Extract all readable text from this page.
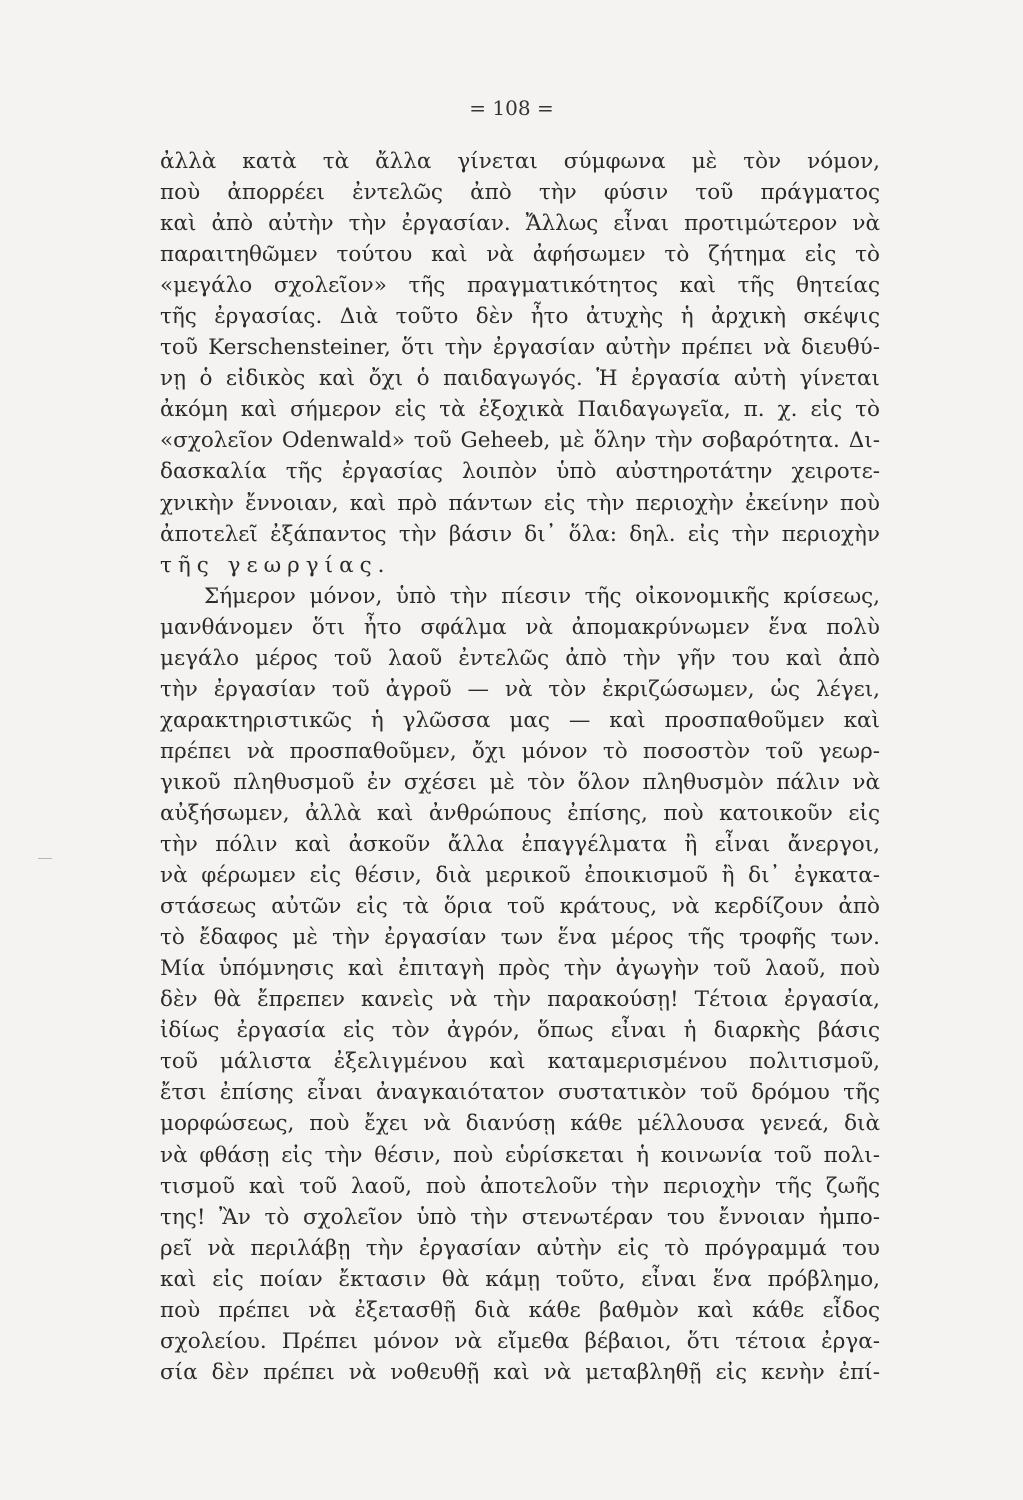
= 108 =
ἀλλὰ κατὰ τὰ ἄλλα γίνεται σύμφωνα μὲ τὸν νόμον,
ποὺ ἀπορρέει ἐντελῶς ἀπὸ τὴν φύσιν τοῦ πράγματος
καὶ ἀπὸ αὐτὴν τὴν ἐργασίαν. Ἄλλως εἶναι προτιμώτερον νὰ
παραιτηθῶμεν τούτου καὶ νὰ ἀφήσωμεν τὸ ζήτημα εἰς τὸ
«μεγάλο σχολεῖον» τῆς πραγματικότητος καὶ τῆς θητείας
τῆς ἐργασίας. Διὰ τοῦτο δὲν ἦτο ἀτυχὴς ἡ ἀρχικὴ σκέψις
τοῦ Kerschensteiner, ὅτι τὴν ἐργασίαν αὐτὴν πρέπει νὰ διευθύ-
νῃ ὁ εἰδικὸς καὶ ὄχι ὁ παιδαγωγός. Ἡ ἐργασία αὐτὴ γίνεται
ἀκόμη καὶ σήμερον εἰς τὰ ἐξοχικὰ Παιδαγωγεῖα, π. χ. εἰς τὸ
«σχολεῖον Odenwald» τοῦ Geheeb, μὲ ὅλην τὴν σοβαρότητα. Δι-
δασκαλία τῆς ἐργασίας λοιπὸν ὑπὸ αὐστηροτάτην χειροτε-
χνικὴν ἔννοιαν, καὶ πρὸ πάντων εἰς τὴν περιοχὴν ἐκείνην ποὺ
ἀποτελεῖ ἐξάπαντος τὴν βάσιν δι᾽ ὅλα: δηλ. εἰς τὴν περιοχὴν
τῆς γεωργίας.
Σήμερον μόνον, ὑπὸ τὴν πίεσιν τῆς οἰκονομικῆς κρίσεως,
μανθάνομεν ὅτι ἦτο σφάλμα νὰ ἀπομακρύνωμεν ἕνα πολὺ
μεγάλο μέρος τοῦ λαοῦ ἐντελῶς ἀπὸ τὴν γῆν του καὶ ἀπὸ
τὴν ἐργασίαν τοῦ ἀγροῦ — νὰ τὸν ἐκριζώσωμεν, ὡς λέγει,
χαρακτηριστικῶς ἡ γλῶσσα μας — καὶ προσπαθοῦμεν καὶ
πρέπει νὰ προσπαθοῦμεν, ὄχι μόνον τὸ ποσοστὸν τοῦ γεωρ-
γικοῦ πληθυσμοῦ ἐν σχέσει μὲ τὸν ὅλον πληθυσμὸν πάλιν νὰ
αὐξήσωμεν, ἀλλὰ καὶ ἀνθρώπους ἐπίσης, ποὺ κατοικοῦν εἰς
τὴν πόλιν καὶ ἀσκοῦν ἄλλα ἐπαγγέλματα ἢ εἶναι ἄνεργοι,
νὰ φέρωμεν εἰς θέσιν, διὰ μερικοῦ ἐποικισμοῦ ἢ δι᾽ ἐγκατα-
στάσεως αὐτῶν εἰς τὰ ὅρια τοῦ κράτους, νὰ κερδίζουν ἀπὸ
τὸ ἔδαφος μὲ τὴν ἐργασίαν των ἕνα μέρος τῆς τροφῆς των.
Μία ὑπόμνησις καὶ ἐπιταγὴ πρὸς τὴν ἀγωγὴν τοῦ λαοῦ, ποὺ
δὲν θὰ ἔπρεπεν κανεὶς νὰ τὴν παρακούσῃ! Τέτοια ἐργασία,
ἰδίως ἐργασία εἰς τὸν ἀγρόν, ὅπως εἶναι ἡ διαρκὴς βάσις
τοῦ μάλιστα ἐξελιγμένου καὶ καταμερισμένου πολιτισμοῦ,
ἔτσι ἐπίσης εἶναι ἀναγκαιότατον συστατικὸν τοῦ δρόμου τῆς
μορφώσεως, ποὺ ἔχει νὰ διανύσῃ κάθε μέλλουσα γενεά, διὰ
νὰ φθάσῃ εἰς τὴν θέσιν, ποὺ εὑρίσκεται ἡ κοινωνία τοῦ πολι-
τισμοῦ καὶ τοῦ λαοῦ, ποὺ ἀποτελοῦν τὴν περιοχὴν τῆς ζωῆς
της! Ἂν τὸ σχολεῖον ὑπὸ τὴν στενωτέραν του ἔννοιαν ἠμπο-
ρεῖ νὰ περιλάβῃ τὴν ἐργασίαν αὐτὴν εἰς τὸ πρόγραμμά του
καὶ εἰς ποίαν ἔκτασιν θὰ κάμῃ τοῦτο, εἶναι ἕνα πρόβλημο,
ποὺ πρέπει νὰ ἐξετασθῇ διὰ κάθε βαθμὸν καὶ κάθε εἶδος
σχολείου. Πρέπει μόνον νὰ εἴμεθα βέβαιοι, ὅτι τέτοια ἐργα-
σία δὲν πρέπει νὰ νοθευθῇ καὶ νὰ μεταβληθῇ εἰς κενὴν ἐπί-
